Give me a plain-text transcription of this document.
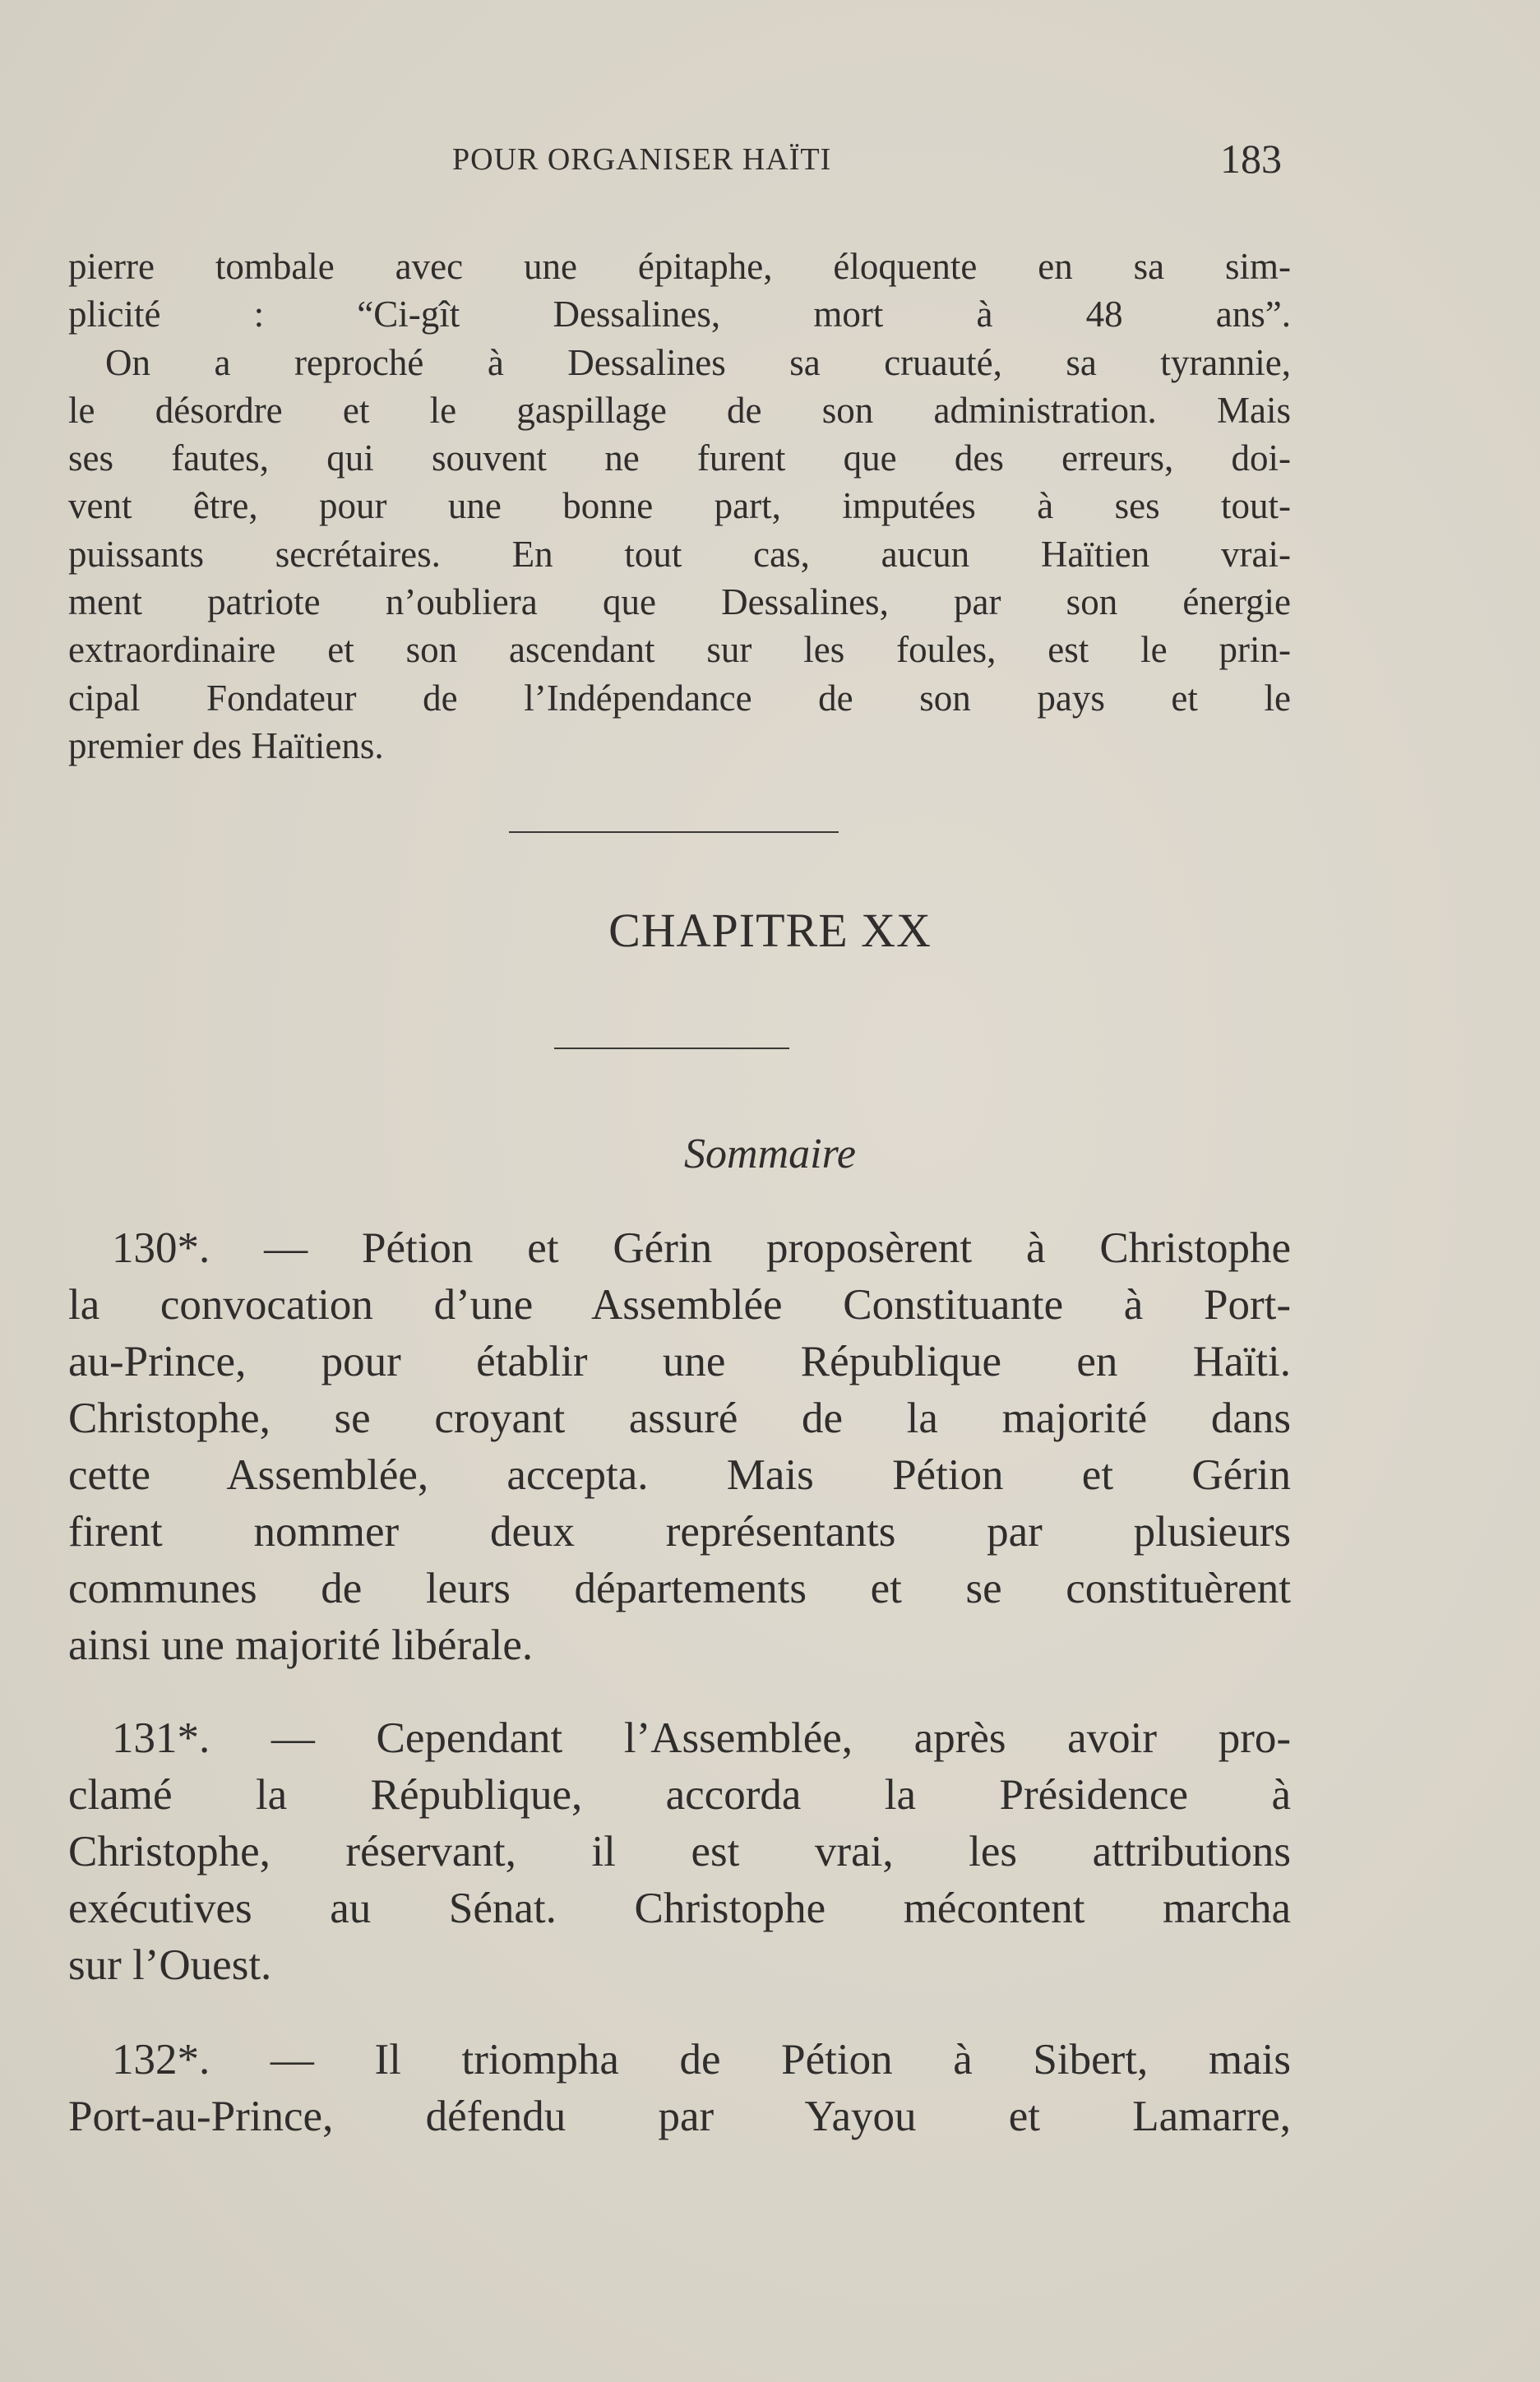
POUR ORGANISER HAÏTI	183
pierre tombale avec une épitaphe, éloquente en sa sim-
plicité : “Ci-gît Dessalines, mort à 48 ans”.
 On a reproché à Dessalines sa cruauté, sa tyrannie,
le désordre et le gaspillage de son administration. Mais
ses fautes, qui souvent ne furent que des erreurs, doi-
vent être, pour une bonne part, imputées à ses tout-
puissants secrétaires. En tout cas, aucun Haïtien vrai-
ment patriote n’oubliera que Dessalines, par son énergie
extraordinaire et son ascendant sur les foules, est le prin-
cipal Fondateur de l’Indépendance de son pays et le
premier des Haïtiens.
CHAPITRE XX
Sommaire
 130*. — Pétion et Gérin proposèrent à Christophe
la convocation d’une Assemblée Constituante à Port-
au-Prince, pour établir une République en Haïti.
Christophe, se croyant assuré de la majorité dans
cette Assemblée, accepta. Mais Pétion et Gérin
firent nommer deux représentants par plusieurs
communes de leurs départements et se constituèrent
ainsi une majorité libérale.
 131*. — Cependant l’Assemblée, après avoir pro-
clamé la République, accorda la Présidence à
Christophe, réservant, il est vrai, les attributions
exécutives au Sénat. Christophe mécontent marcha
sur l’Ouest.
 132*. — Il triompha de Pétion à Sibert, mais
Port-au-Prince, défendu par Yayou et Lamarre,
